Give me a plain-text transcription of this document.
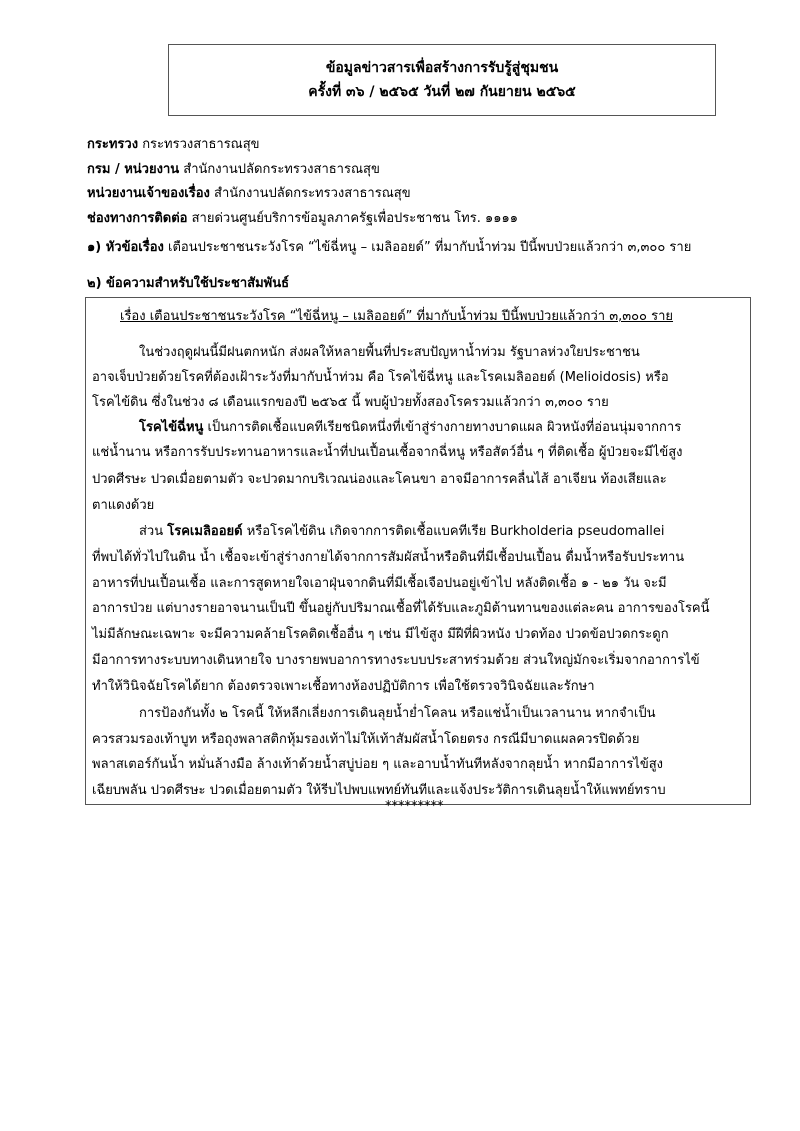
ข้อมูลข่าวสารเพื่อสร้างการรับรู้สู่ชุมชน
ครั้งที่ ๓๖ / ๒๕๖๕ วันที่ ๒๗ กันยายน ๒๕๖๕
กระทรวง กระทรวงสาธารณสุข
กรม / หน่วยงาน สำนักงานปลัดกระทรวงสาธารณสุข
หน่วยงานเจ้าของเรื่อง สำนักงานปลัดกระทรวงสาธารณสุข
ช่องทางการติดต่อ สายด่วนศูนย์บริการข้อมูลภาครัฐเพื่อประชาชน โทร. ๑๑๑๑
๑) หัวข้อเรื่อง เตือนประชาชนระวังโรค “ไข้ฉี่หนู – เมลิออยด์” ที่มากับน้ำท่วม ปีนี้พบป่วยแล้วกว่า ๓,๓๐๐ ราย
๒) ข้อความสำหรับใช้ประชาสัมพันธ์
เรื่อง เตือนประชาชนระวังโรค “ไข้ฉี่หนู – เมลิออยด์” ที่มากับน้ำท่วม ปีนี้พบป่วยแล้วกว่า ๓,๓๐๐ ราย
ในช่วงฤดูฝนนี้มีฝนตกหนัก ส่งผลให้หลายพื้นที่ประสบปัญหาน้ำท่วม รัฐบาลห่วงใยประชาชน
อาจเจ็บป่วยด้วยโรคที่ต้องเฝ้าระวังที่มากับน้ำท่วม คือ โรคไข้ฉี่หนู และโรคเมลิออยด์ (Melioidosis) หรือ
โรคไข้ดิน ซึ่งในช่วง ๘ เดือนแรกของปี ๒๕๖๕ นี้ พบผู้ป่วยทั้งสองโรครวมแล้วกว่า ๓,๓๐๐ ราย
โรคไข้ฉี่หนู เป็นการติดเชื้อแบคทีเรียชนิดหนึ่งที่เข้าสู่ร่างกายทางบาดแผล ผิวหนังที่อ่อนนุ่มจากการ
แช่น้ำนาน หรือการรับประทานอาหารและน้ำที่ปนเปื้อนเชื้อจากฉี่หนู หรือสัตว์อื่น ๆ ที่ติดเชื้อ ผู้ป่วยจะมีไข้สูง
ปวดศีรษะ ปวดเมื่อยตามตัว จะปวดมากบริเวณน่องและโคนขา อาจมีอาการคลื่นไส้ อาเจียน ท้องเสียและ
ตาแดงด้วย
ส่วน โรคเมลิออยด์ หรือโรคไข้ดิน เกิดจากการติดเชื้อแบคทีเรีย Burkholderia pseudomallei
ที่พบได้ทั่วไปในดิน น้ำ เชื้อจะเข้าสู่ร่างกายได้จากการสัมผัสน้ำหรือดินที่มีเชื้อปนเปื้อน ดื่มน้ำหรือรับประทาน
อาหารที่ปนเปื้อนเชื้อ และการสูดหายใจเอาฝุ่นจากดินที่มีเชื้อเจือปนอยู่เข้าไป หลังติดเชื้อ ๑ - ๒๑ วัน จะมี
อาการป่วย แต่บางรายอาจนานเป็นปี ขึ้นอยู่กับปริมาณเชื้อที่ได้รับและภูมิต้านทานของแต่ละคน อาการของโรคนี้
ไม่มีลักษณะเฉพาะ จะมีความคล้ายโรคติดเชื้ออื่น ๆ เช่น มีไข้สูง มีฝีที่ผิวหนัง ปวดท้อง ปวดข้อปวดกระดูก
มีอาการทางระบบทางเดินหายใจ บางรายพบอาการทางระบบประสาทร่วมด้วย ส่วนใหญ่มักจะเริ่มจากอาการไข้
ทำให้วินิจฉัยโรคได้ยาก ต้องตรวจเพาะเชื้อทางห้องปฏิบัติการ เพื่อใช้ตรวจวินิจฉัยและรักษา
การป้องกันทั้ง ๒ โรคนี้ ให้หลีกเลี่ยงการเดินลุยน้ำย่ำโคลน หรือแช่น้ำเป็นเวลานาน หากจำเป็น
ควรสวมรองเท้าบูท หรือถุงพลาสติกหุ้มรองเท้าไม่ให้เท้าสัมผัสน้ำโดยตรง กรณีมีบาดแผลควรปิดด้วย
พลาสเตอร์กันน้ำ หมั่นล้างมือ ล้างเท้าด้วยน้ำสบู่บ่อย ๆ และอาบน้ำทันทีหลังจากลุยน้ำ หากมีอาการไข้สูง
เฉียบพลัน ปวดศีรษะ ปวดเมื่อยตามตัว ให้รีบไปพบแพทย์ทันทีและแจ้งประวัติการเดินลุยน้ำให้แพทย์ทราบ
*********
